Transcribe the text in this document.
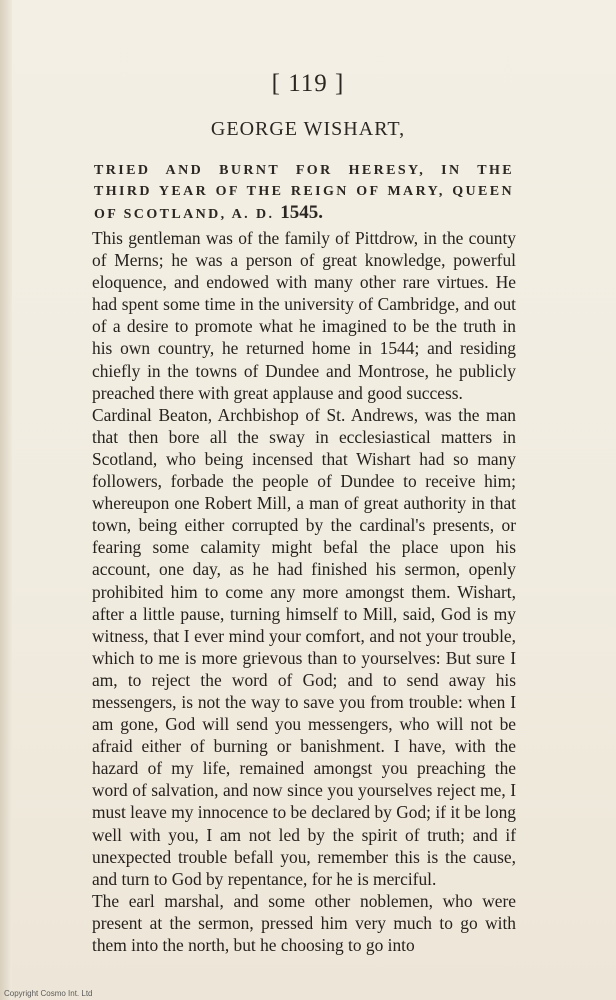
[ 119 ]
GEORGE WISHART,
TRIED AND BURNT FOR HERESY, IN THE THIRD YEAR OF THE REIGN OF MARY, QUEEN OF SCOTLAND, A. D. 1545.

This gentleman was of the family of Pittdrow, in the county of Merns; he was a person of great knowledge, powerful eloquence, and endowed with many other rare virtues. He had spent some time in the university of Cambridge, and out of a desire to promote what he imagined to be the truth in his own country, he returned home in 1544; and residing chiefly in the towns of Dundee and Montrose, he publicly preached there with great applause and good success.

Cardinal Beaton, Archbishop of St. Andrews, was the man that then bore all the sway in ecclesiastical matters in Scotland, who being incensed that Wishart had so many followers, forbade the people of Dundee to receive him; whereupon one Robert Mill, a man of great authority in that town, being either corrupted by the cardinal's presents, or fearing some calamity might befal the place upon his account, one day, as he had finished his sermon, openly prohibited him to come any more amongst them. Wishart, after a little pause, turning himself to Mill, said, God is my witness, that I ever mind your comfort, and not your trouble, which to me is more grievous than to yourselves: But sure I am, to reject the word of God; and to send away his messengers, is not the way to save you from trouble: when I am gone, God will send you messengers, who will not be afraid either of burning or banishment. I have, with the hazard of my life, remained amongst you preaching the word of salvation, and now since you yourselves reject me, I must leave my innocence to be declared by God; if it be long well with you, I am not led by the spirit of truth; and if unexpected trouble befall you, remember this is the cause, and turn to God by repentance, for he is merciful.

The earl marshal, and some other noblemen, who were present at the sermon, pressed him very much to go with them into the north, but he choosing to go into

Copyright Cosmo Int. Ltd
